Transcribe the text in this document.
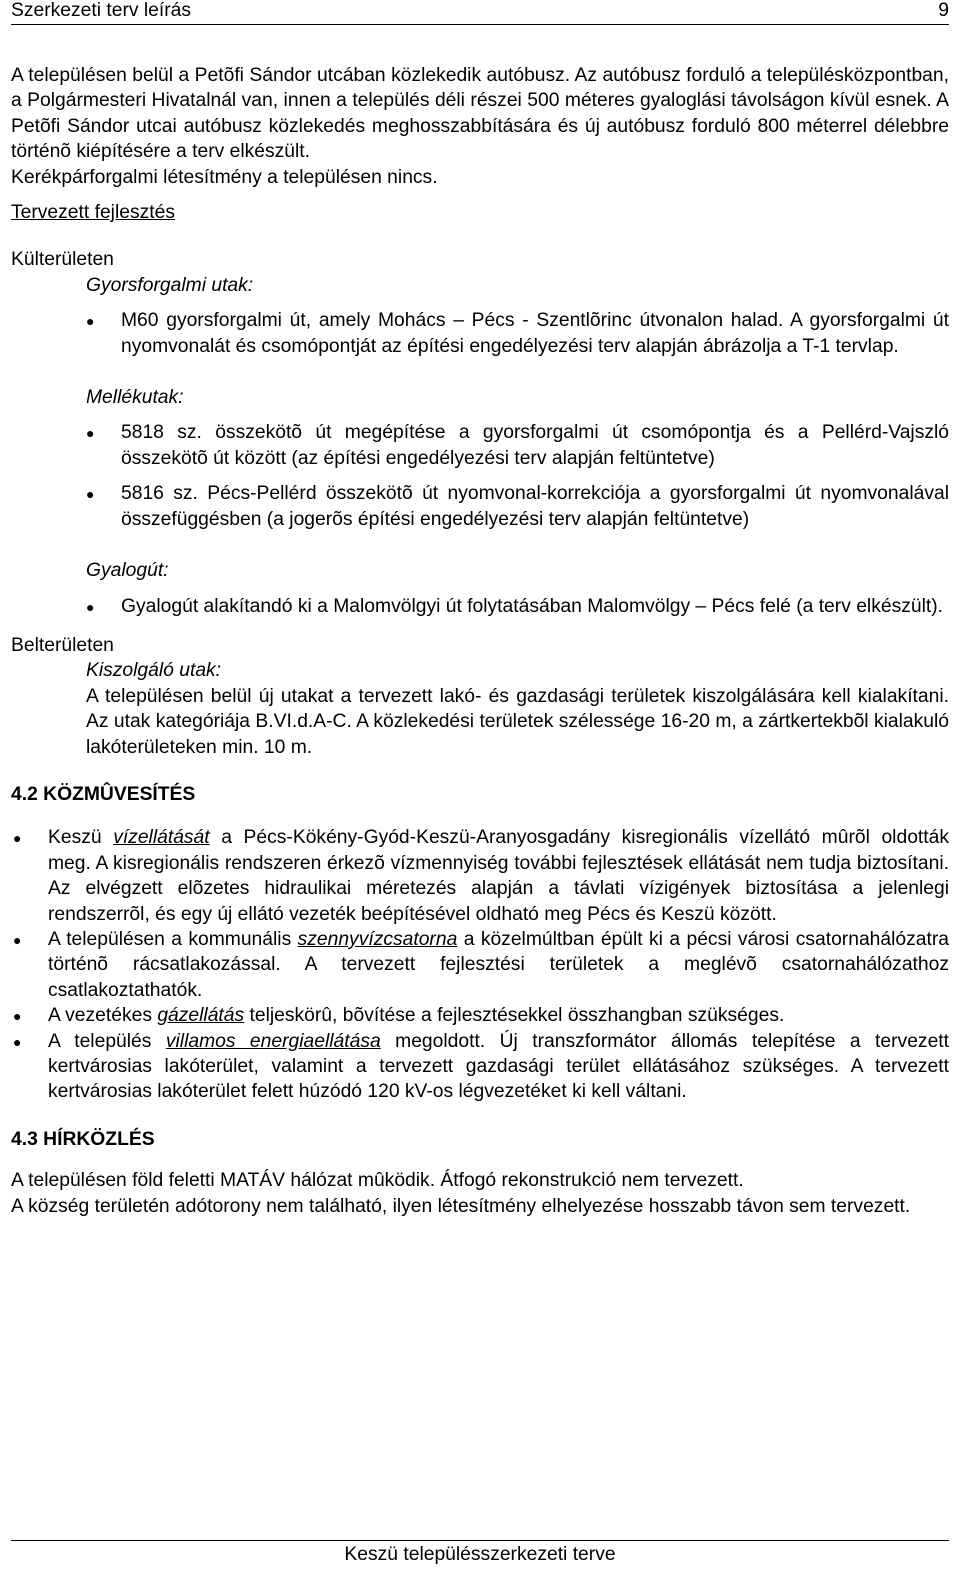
Szerkezeti terv leírás	9

A településen belül a Petõfi Sándor utcában közlekedik autóbusz. Az autóbusz forduló a településközpontban, a Polgármesteri Hivatalnál van, innen a település déli részei 500 méteres gyaloglási távolságon kívül esnek. A Petõfi Sándor utcai autóbusz közlekedés meghosszabbítására és új autóbusz forduló 800 méterrel délebbre történõ kiépítésére a terv elkészült.

Kerékpárforgalmi létesítmény a településen nincs.

Tervezett fejlesztés

Külterületen

Gyorsforgalmi utak:

●
M60 gyorsforgalmi út, amely Mohács – Pécs - Szentlõrinc útvonalon halad. A gyorsforgalmi út nyomvonalát és csomópontját az építési engedélyezési terv alapján ábrázolja a T-1 tervlap.

Mellékutak:

●
5818 sz. összekötõ út megépítése a gyorsforgalmi út csomópontja és a Pellérd-Vajszló összekötõ út között (az építési engedélyezési terv alapján feltüntetve)
●
5816 sz. Pécs-Pellérd összekötõ út nyomvonal-korrekciója a gyorsforgalmi út nyomvonalával összefüggésben (a jogerõs építési engedélyezési terv alapján feltüntetve)

Gyalogút:

●
Gyalogút alakítandó ki a Malomvölgyi út folytatásában Malomvölgy – Pécs felé (a terv elkészült).

Belterületen

Kiszolgáló utak:

A településen belül új utakat a tervezett lakó- és gazdasági területek kiszolgálására kell kialakítani. Az utak kategóriája B.VI.d.A-C. A közlekedési területek szélessége 16-20 m, a zártkertekbõl kialakuló lakóterületeken min. 10 m.

4.2 KÖZMÛVESÍTÉS

●
Keszü vízellátását a Pécs-Kökény-Gyód-Keszü-Aranyosgadány kisregionális vízellátó mûrõl oldották meg. A kisregionális rendszeren érkezõ vízmennyiség további fejlesztések ellátását nem tudja biztosítani. Az elvégzett elõzetes hidraulikai méretezés alapján a távlati vízigények biztosítása a jelenlegi rendszerrõl, és egy új ellátó vezeték beépítésével oldható meg Pécs és Keszü között.
●
A településen a kommunális szennyvízcsatorna a közelmúltban épült ki a pécsi városi csatornahálózatra történõ rácsatlakozással. A tervezett fejlesztési területek a meglévõ csatornahálózathoz csatlakoztathatók.
●
A vezetékes gázellátás teljeskörû, bõvítése a fejlesztésekkel összhangban szükséges.
●
A település villamos energiaellátása megoldott. Új transzformátor állomás telepítése a tervezett kertvárosias lakóterület, valamint a tervezett gazdasági terület ellátásához szükséges. A tervezett kertvárosias lakóterület felett húzódó 120 kV-os légvezetéket ki kell váltani.

4.3 HÍRKÖZLÉS

A településen föld feletti MATÁV hálózat mûködik. Átfogó rekonstrukció nem tervezett.

A község területén adótorony nem található, ilyen létesítmény elhelyezése hosszabb távon sem tervezett.

Keszü településszerkezeti terve
